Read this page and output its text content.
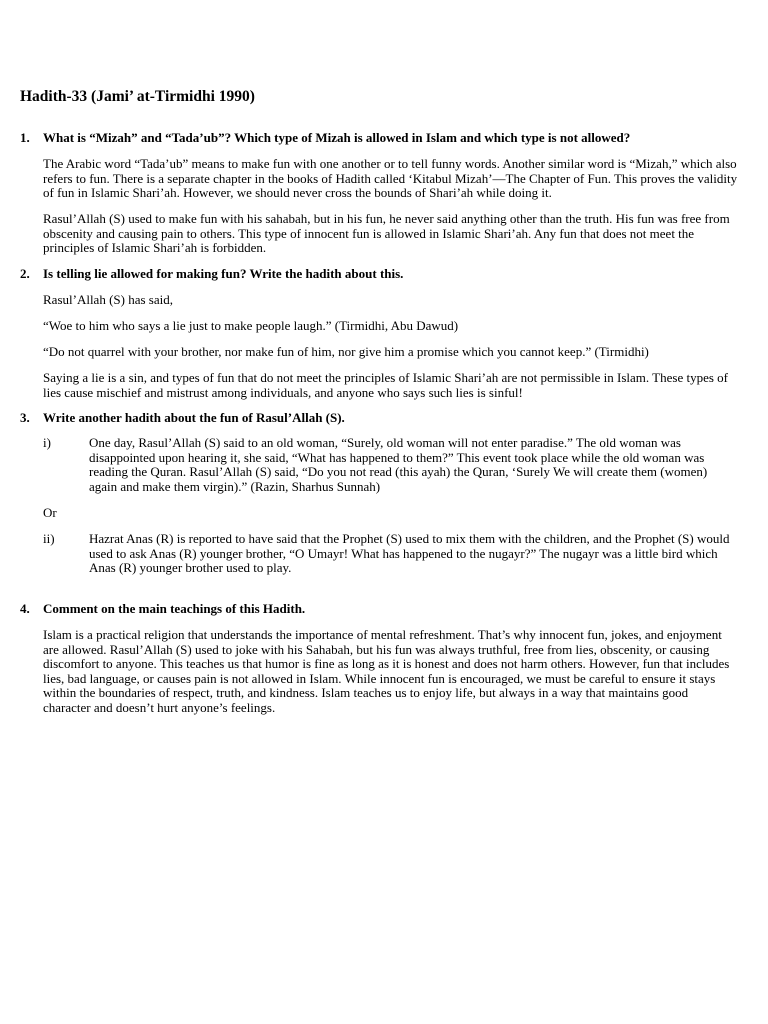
Hadith-33 (Jami’ at-Tirmidhi 1990)
1. What is “Mizah” and “Tada’ub”? Which type of Mizah is allowed in Islam and which type is not allowed?

The Arabic word “Tada’ub” means to make fun with one another or to tell funny words. Another similar word is “Mizah,” which also refers to fun. There is a separate chapter in the books of Hadith called ‘Kitabul Mizah’—The Chapter of Fun. This proves the validity of fun in Islamic Shari’ah. However, we should never cross the bounds of Shari’ah while doing it.

Rasul’Allah (S) used to make fun with his sahabah, but in his fun, he never said anything other than the truth. His fun was free from obscenity and causing pain to others. This type of innocent fun is allowed in Islamic Shari’ah. Any fun that does not meet the principles of Islamic Shari’ah is forbidden.

2. Is telling lie allowed for making fun? Write the hadith about this.

Rasul’Allah (S) has said,

“Woe to him who says a lie just to make people laugh.” (Tirmidhi, Abu Dawud)

“Do not quarrel with your brother, nor make fun of him, nor give him a promise which you cannot keep.” (Tirmidhi)

Saying a lie is a sin, and types of fun that do not meet the principles of Islamic Shari’ah are not permissible in Islam. These types of lies cause mischief and mistrust among individuals, and anyone who says such lies is sinful!

3. Write another hadith about the fun of Rasul’Allah (S).
i)	One day, Rasul’Allah (S) said to an old woman, “Surely, old woman will not enter paradise.” The old woman was disappointed upon hearing it, she said, “What has happened to them?” This event took place while the old woman was reading the Quran. Rasul’Allah (S) said, “Do you not read (this ayah) the Quran, ‘Surely We will create them (women) again and make them virgin).” (Razin, Sharhus Sunnah)

Or

ii)	Hazrat Anas (R) is reported to have said that the Prophet (S) used to mix them with the children, and the Prophet (S) would used to ask Anas (R) younger brother, “O Umayr! What has happened to the nugayr?” The nugayr was a little bird which Anas (R) younger brother used to play.
4. Comment on the main teachings of this Hadith.

Islam is a practical religion that understands the importance of mental refreshment. That’s why innocent fun, jokes, and enjoyment are allowed. Rasul’Allah (S) used to joke with his Sahabah, but his fun was always truthful, free from lies, obscenity, or causing discomfort to anyone. This teaches us that humor is fine as long as it is honest and does not harm others. However, fun that includes lies, bad language, or causes pain is not allowed in Islam. While innocent fun is encouraged, we must be careful to ensure it stays within the boundaries of respect, truth, and kindness. Islam teaches us to enjoy life, but always in a way that maintains good character and doesn’t hurt anyone’s feelings.
